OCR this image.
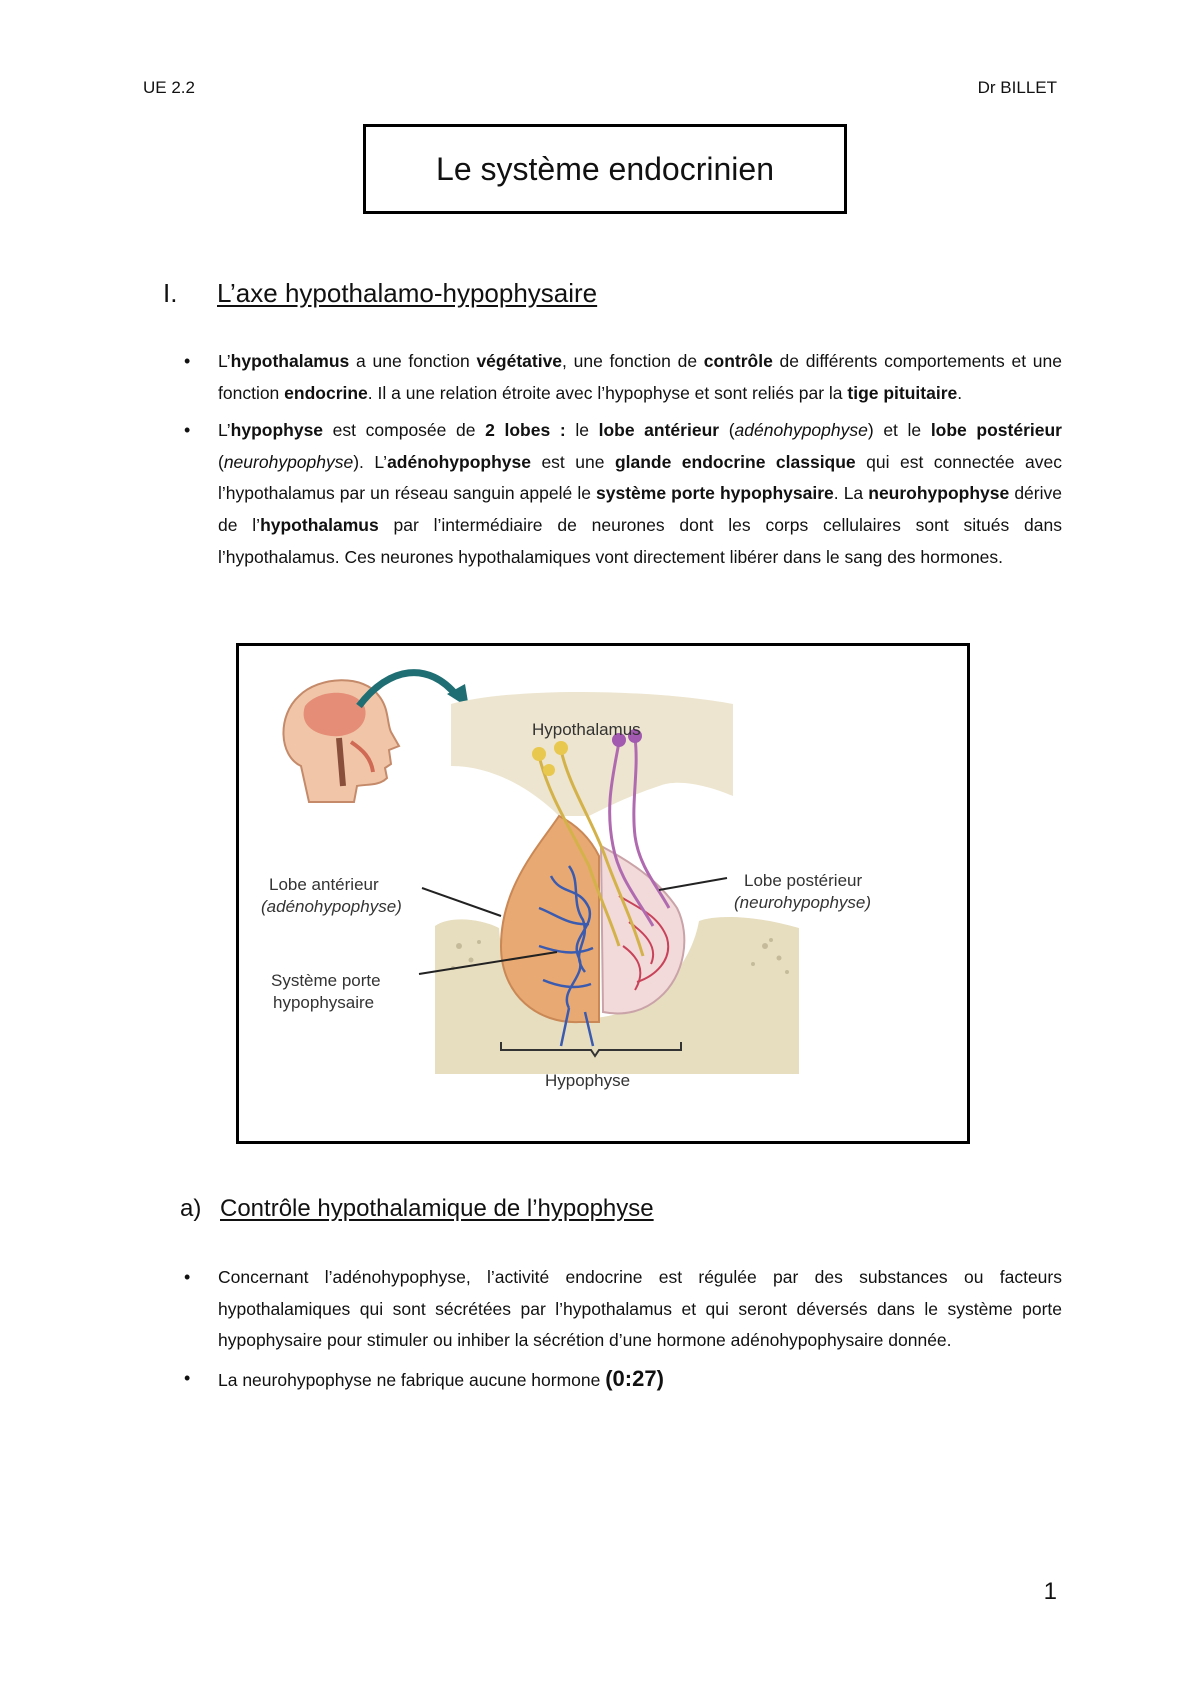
UE 2.2	Dr BILLET
Le système endocrinien
I. L’axe hypothalamo-hypophysaire
• L’hypothalamus a une fonction végétative, une fonction de contrôle de différents comportements et une fonction endocrine. Il a une relation étroite avec l’hypophyse et sont reliés par la tige pituitaire.
• L’hypophyse est composée de 2 lobes : le lobe antérieur (adénohypophyse) et le lobe postérieur (neurohypophyse). L’adénohypophyse est une glande endocrine classique qui est connectée avec l’hypothalamus par un réseau sanguin appelé le système porte hypophysaire. La neurohypophyse dérive de l’hypothalamus par l’intermédiaire de neurones dont les corps cellulaires sont situés dans l’hypothalamus. Ces neurones hypothalamiques vont directement libérer dans le sang des hormones.
Hypothalamus
Lobe antérieur
(adénohypophyse)
Lobe postérieur
(neurohypophyse)
Système porte
hypophysaire
Hypophyse
a) Contrôle hypothalamique de l’hypophyse
• Concernant l’adénohypophyse, l’activité endocrine est régulée par des substances ou facteurs hypothalamiques qui sont sécrétées par l’hypothalamus et qui seront déversés dans le système porte hypophysaire pour stimuler ou inhiber la sécrétion d’une hormone adénohypophysaire donnée.
• La neurohypophyse ne fabrique aucune hormone (0:27)
1
